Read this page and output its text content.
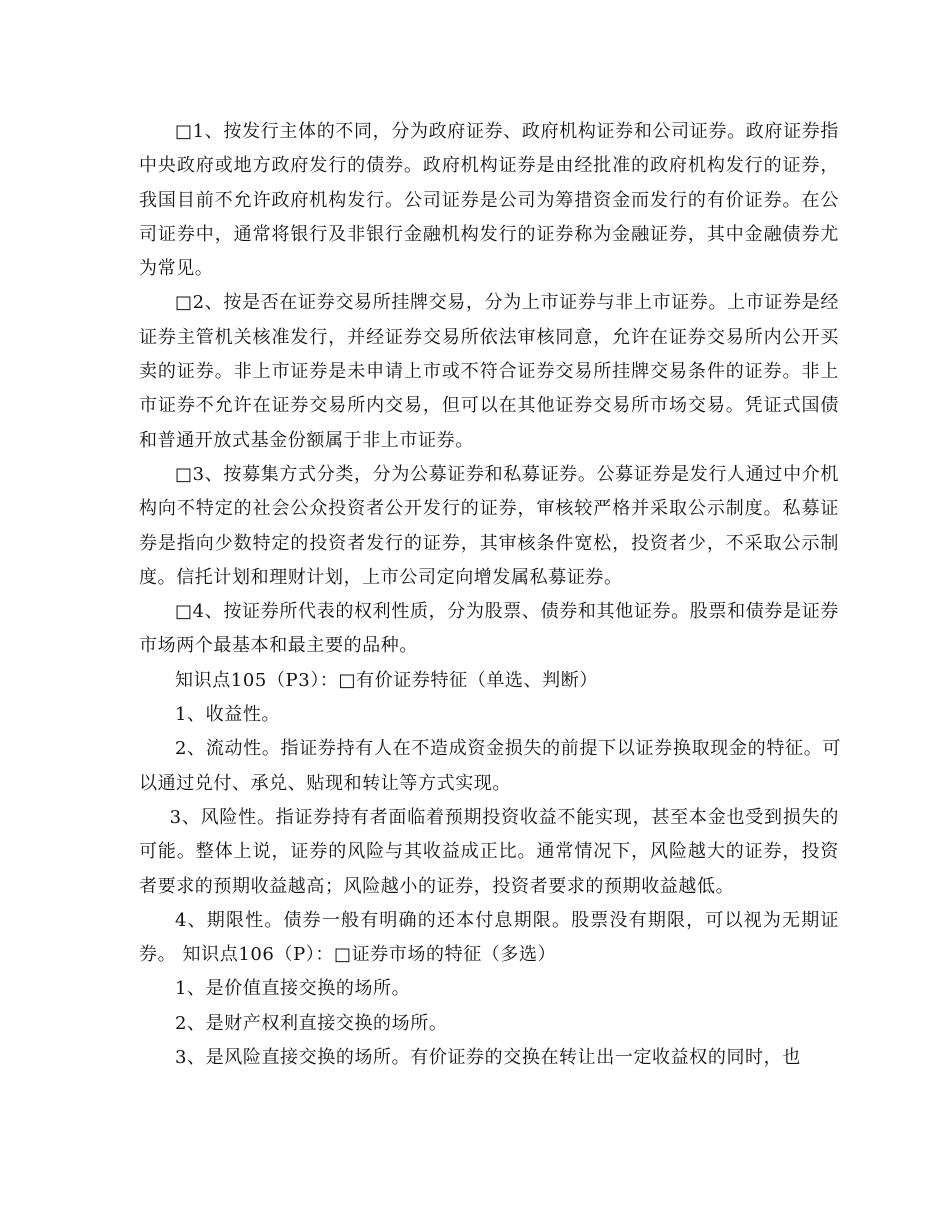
□1、按发行主体的不同，分为政府证券、政府机构证券和公司证券。政府证券指中央政府或地方政府发行的债券。政府机构证券是由经批准的政府机构发行的证券，我国目前不允许政府机构发行。公司证券是公司为筹措资金而发行的有价证券。在公司证券中，通常将银行及非银行金融机构发行的证券称为金融证券，其中金融债券尤为常见。

□2、按是否在证券交易所挂牌交易，分为上市证券与非上市证券。上市证券是经证券主管机关核准发行，并经证券交易所依法审核同意，允许在证券交易所内公开买卖的证券。非上市证券是未申请上市或不符合证券交易所挂牌交易条件的证券。非上市证券不允许在证券交易所内交易，但可以在其他证券交易所市场交易。凭证式国债和普通开放式基金份额属于非上市证券。

□3、按募集方式分类，分为公募证券和私募证券。公募证券是发行人通过中介机构向不特定的社会公众投资者公开发行的证券，审核较严格并采取公示制度。私募证券是指向少数特定的投资者发行的证券，其审核条件宽松，投资者少，不采取公示制度。信托计划和理财计划，上市公司定向增发属私募证券。

□4、按证券所代表的权利性质，分为股票、债券和其他证券。股票和债券是证券市场两个最基本和最主要的品种。

知识点105（P3）：□有价证券特征（单选、判断）

1、收益性。

2、流动性。指证券持有人在不造成资金损失的前提下以证券换取现金的特征。可以通过兑付、承兑、贴现和转让等方式实现。

3、风险性。指证券持有者面临着预期投资收益不能实现，甚至本金也受到损失的可能。整体上说，证券的风险与其收益成正比。通常情况下，风险越大的证券，投资者要求的预期收益越高；风险越小的证券，投资者要求的预期收益越低。

4、期限性。债券一般有明确的还本付息期限。股票没有期限，可以视为无期证券。 知识点106（P）：□证券市场的特征（多选）

1、是价值直接交换的场所。

2、是财产权利直接交换的场所。

3、是风险直接交换的场所。有价证券的交换在转让出一定收益权的同时，也
